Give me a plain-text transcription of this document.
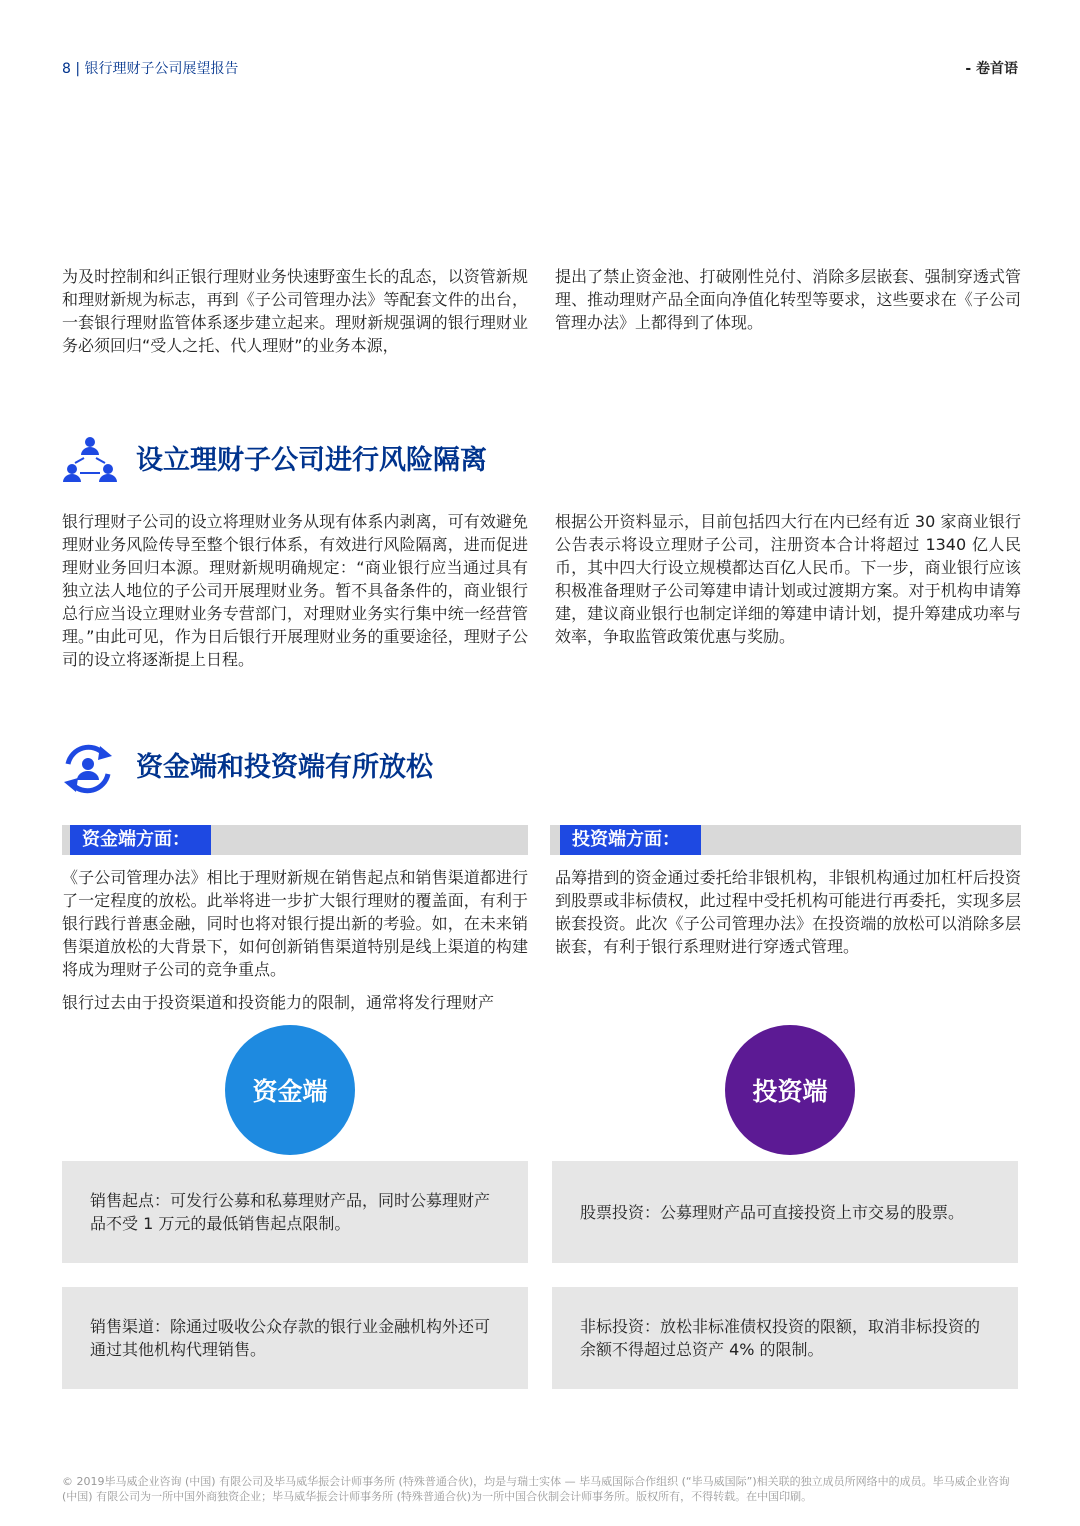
8 | 银行理财子公司展望报告	- 卷首语
为及时控制和纠正银行理财业务快速野蛮生长的乱态，以资管新规和理财新规为标志，再到《子公司管理办法》等配套文件的出台，一套银行理财监管体系逐步建立起来。理财新规强调的银行理财业务必须回归“受人之托、代人理财”的业务本源，
提出了禁止资金池、打破刚性兑付、消除多层嵌套、强制穿透式管理、推动理财产品全面向净值化转型等要求，这些要求在《子公司管理办法》上都得到了体现。
设立理财子公司进行风险隔离
银行理财子公司的设立将理财业务从现有体系内剥离，可有效避免理财业务风险传导至整个银行体系，有效进行风险隔离，进而促进理财业务回归本源。理财新规明确规定：“商业银行应当通过具有独立法人地位的子公司开展理财业务。暂不具备条件的，商业银行总行应当设立理财业务专营部门，对理财业务实行集中统一经营管理。”由此可见，作为日后银行开展理财业务的重要途径，理财子公司的设立将逐渐提上日程。
根据公开资料显示，目前包括四大行在内已经有近 30 家商业银行公告表示将设立理财子公司，注册资本合计将超过 1340 亿人民币，其中四大行设立规模都达百亿人民币。下一步，商业银行应该积极准备理财子公司筹建申请计划或过渡期方案。对于机构申请筹建，建议商业银行也制定详细的筹建申请计划，提升筹建成功率与效率，争取监管政策优惠与奖励。
资金端和投资端有所放松
资金端方面：	投资端方面：
《子公司管理办法》相比于理财新规在销售起点和销售渠道都进行了一定程度的放松。此举将进一步扩大银行理财的覆盖面，有利于银行践行普惠金融，同时也将对银行提出新的考验。如，在未来销售渠道放松的大背景下，如何创新销售渠道特别是线上渠道的构建将成为理财子公司的竞争重点。
银行过去由于投资渠道和投资能力的限制，通常将发行理财产
品筹措到的资金通过委托给非银机构，非银机构通过加杠杆后投资到股票或非标债权，此过程中受托机构可能进行再委托，实现多层嵌套投资。此次《子公司管理办法》在投资端的放松可以消除多层嵌套，有利于银行系理财进行穿透式管理。
资金端	投资端
销售起点：可发行公募和私募理财产品，同时公募理财产品不受 1 万元的最低销售起点限制。
股票投资：公募理财产品可直接投资上市交易的股票。
销售渠道：除通过吸收公众存款的银行业金融机构外还可通过其他机构代理销售。
非标投资：放松非标准债权投资的限额，取消非标投资的余额不得超过总资产 4% 的限制。
© 2019毕马威企业咨询 (中国) 有限公司及毕马威华振会计师事务所 (特殊普通合伙)，均是与瑞士实体 — 毕马威国际合作组织 (“毕马威国际”)相关联的独立成员所网络中的成员。毕马威企业咨询 (中国) 有限公司为一所中国外商独资企业；毕马威华振会计师事务所 (特殊普通合伙)为一所中国合伙制会计师事务所。版权所有，不得转载。在中国印刷。
